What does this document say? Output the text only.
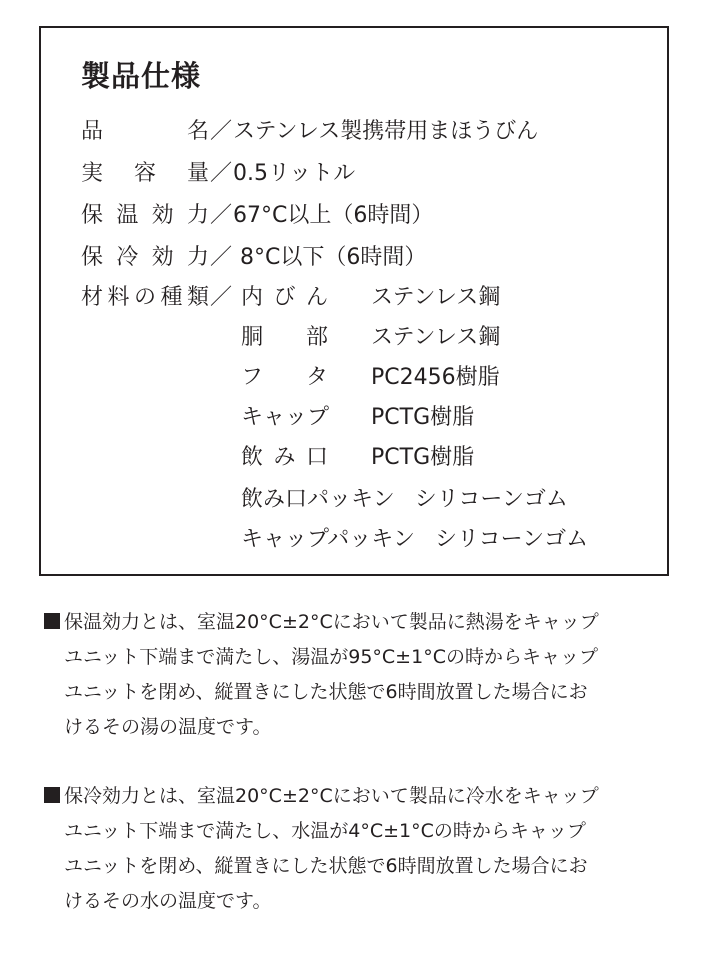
製品仕様
品名／ステンレス製携帯用まほうびん
実容量／0.5リットル
保温効力／67°C以上（6時間）
保冷効力／ 8°C以下（6時間）
材料の種類／ 内びん ステンレス鋼
胴部 ステンレス鋼
フタ PC2456樹脂
キャップ PCTG樹脂
飲み口 PCTG樹脂
飲み口パッキン シリコーンゴム
キャップパッキン シリコーンゴム
保温効力とは、室温20°C±2°Cにおいて製品に熱湯をキャップ
ユニット下端まで満たし、湯温が95°C±1°Cの時からキャップ
ユニットを閉め、縦置きにした状態で6時間放置した場合にお
けるその湯の温度です。
保冷効力とは、室温20°C±2°Cにおいて製品に冷水をキャップ
ユニット下端まで満たし、水温が4°C±1°Cの時からキャップ
ユニットを閉め、縦置きにした状態で6時間放置した場合にお
けるその水の温度です。
